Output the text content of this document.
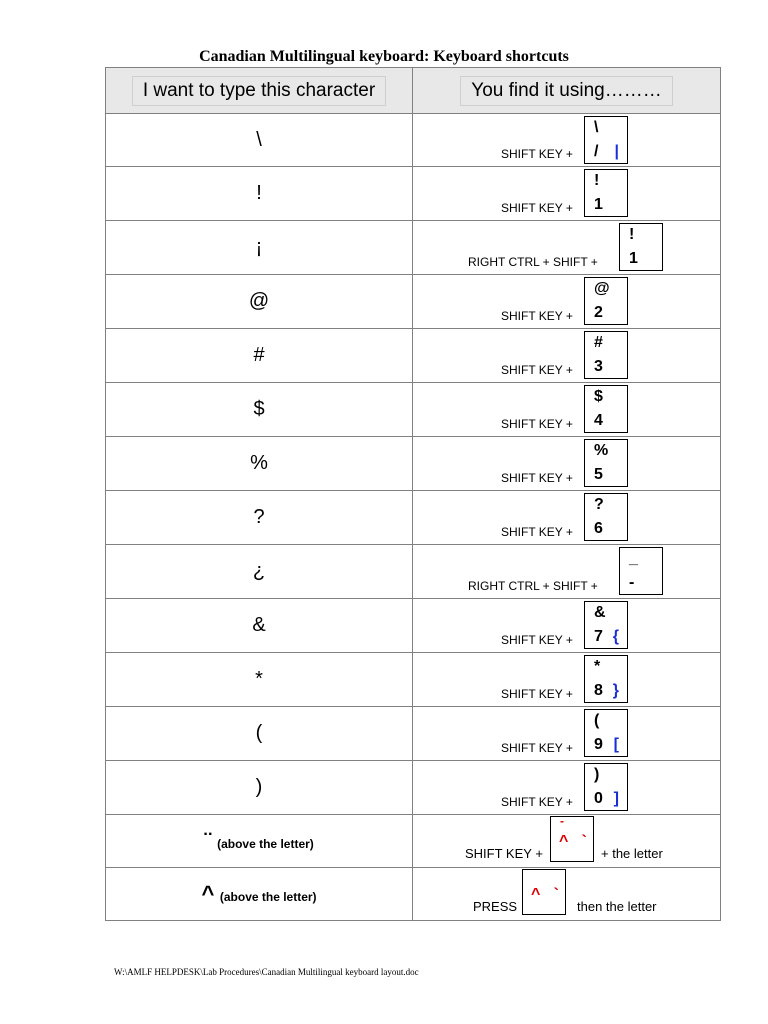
Canadian Multilingual keyboard: Keyboard shortcuts
I want to type this character	You find it using………
\	SHIFT KEY +
\
/ |

!	SHIFT KEY +
!
1

¡	RIGHT CTRL + SHIFT +
!
1

@	SHIFT KEY +
@
2

#	SHIFT KEY +
#
3

$	SHIFT KEY +
$
4

%	SHIFT KEY +
%
5

?	SHIFT KEY +
?
6

¿	RIGHT CTRL + SHIFT +
_
-

&	SHIFT KEY +
&
7 {

*	SHIFT KEY +
*
8 }

(	SHIFT KEY +
(
9 [

)	SHIFT KEY +
)
0 ]

¨ (above the letter)	SHIFT KEY +
-
^   `
+ the letter

^ (above the letter)	PRESS
^   `
then the letter
W:\AMLF HELPDESK\Lab Procedures\Canadian Multilingual keyboard layout.doc
